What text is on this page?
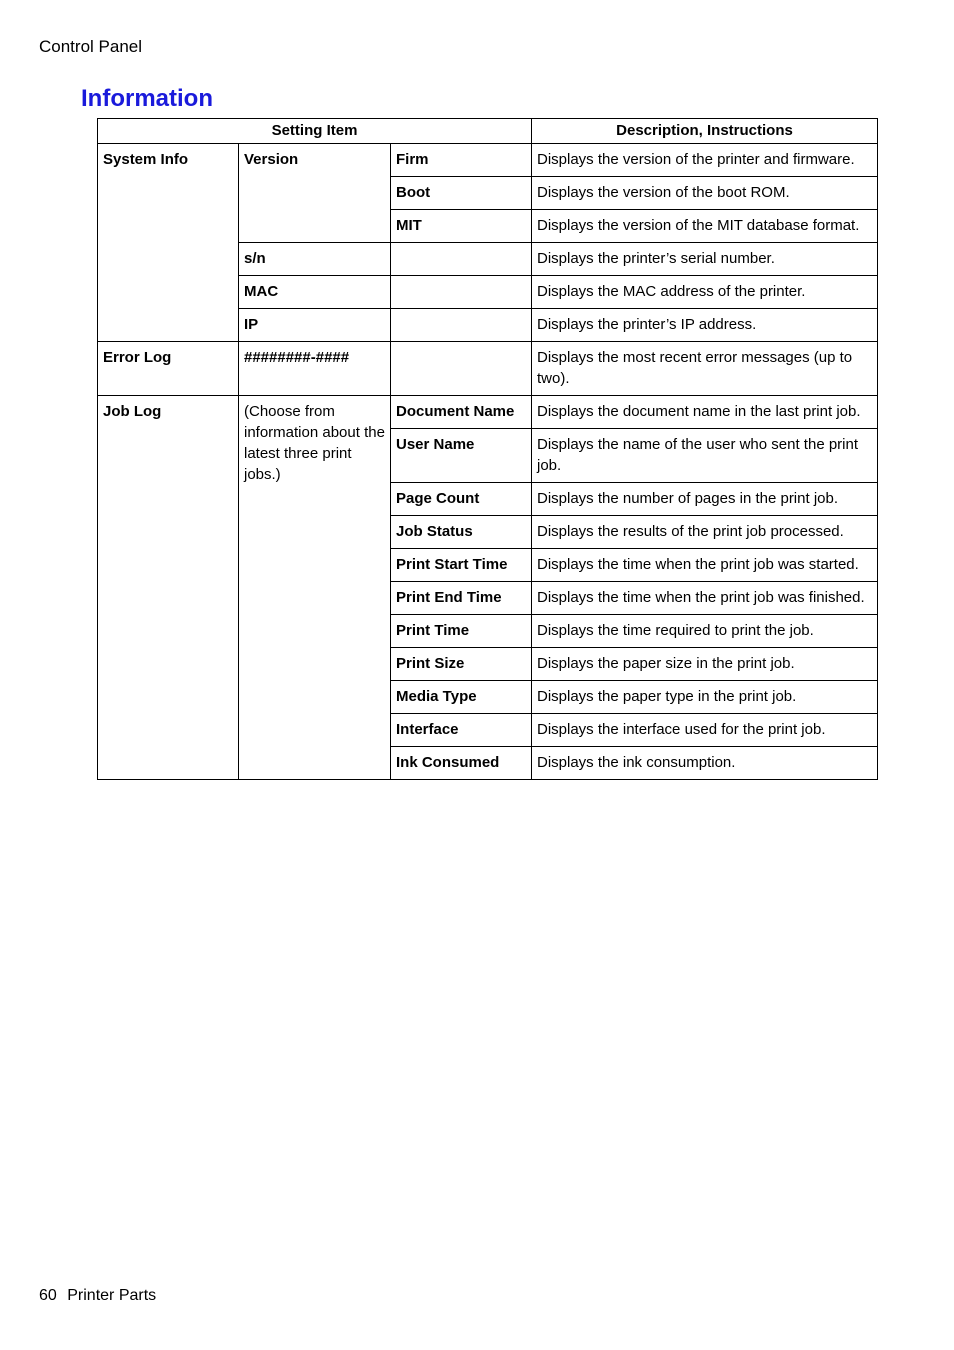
Control Panel
Information
Setting Item			Description, Instructions
System Info	Version	Firm	Displays the version of the printer and firmware.
		Boot	Displays the version of the boot ROM.
		MIT	Displays the version of the MIT database format.
	s/n		Displays the printer’s serial number.
	MAC		Displays the MAC address of the printer.
	IP		Displays the printer’s IP address.
Error Log	########-####		Displays the most recent error messages (up to two).
Job Log	(Choose from information about the latest three print jobs.)	Document Name	Displays the document name in the last print job.
		User Name	Displays the name of the user who sent the print job.
		Page Count	Displays the number of pages in the print job.
		Job Status	Displays the results of the print job processed.
		Print Start Time	Displays the time when the print job was started.
		Print End Time	Displays the time when the print job was finished.
		Print Time	Displays the time required to print the job.
		Print Size	Displays the paper size in the print job.
		Media Type	Displays the paper type in the print job.
		Interface	Displays the interface used for the print job.
		Ink Consumed	Displays the ink consumption.
60 Printer Parts
